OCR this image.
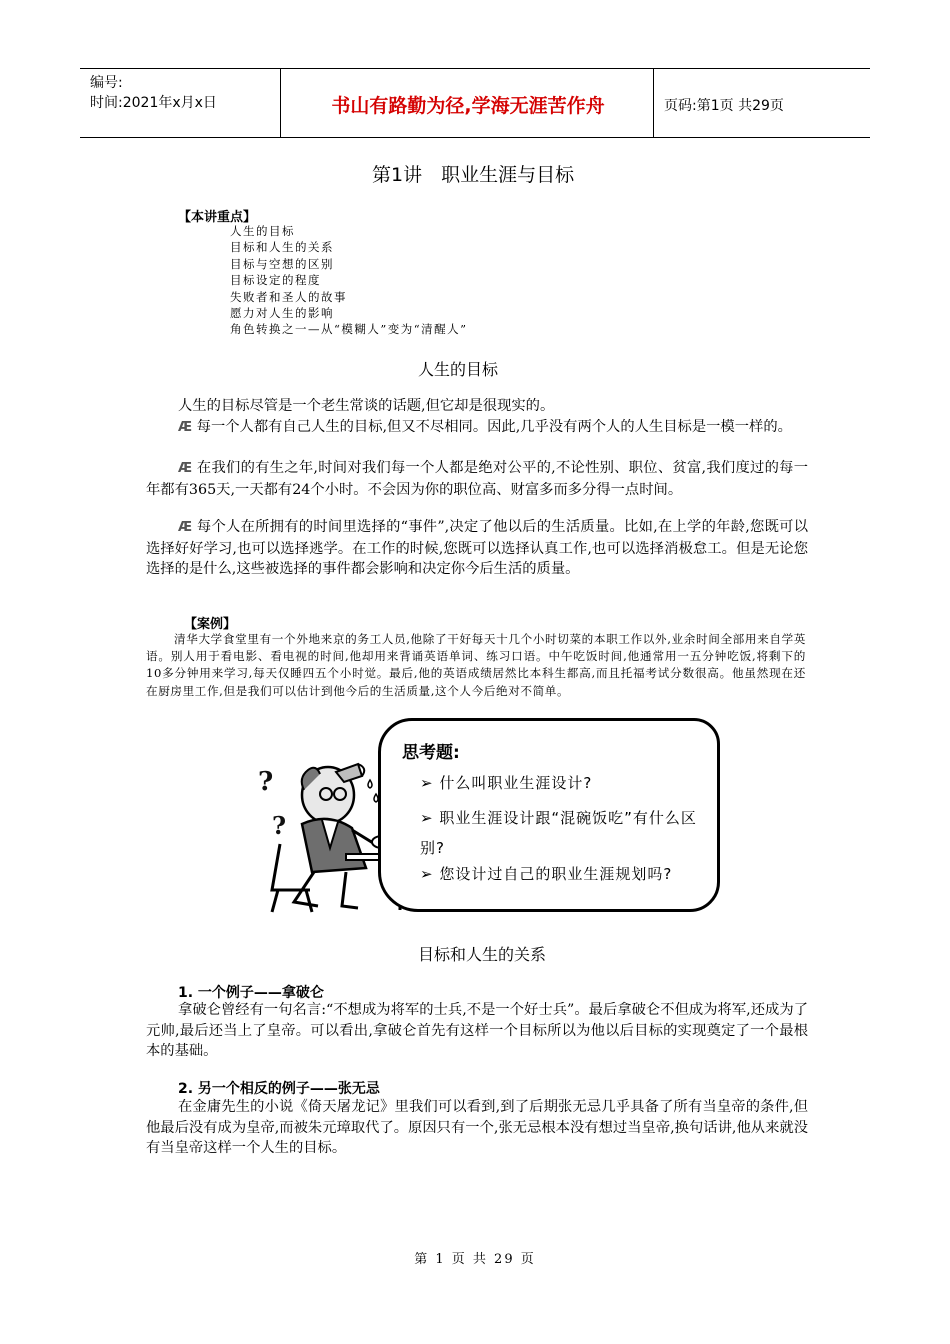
编号:
时间:2021年x月x日	书山有路勤为径,学海无涯苦作舟	页码:第1页 共29页
第1讲　职业生涯与目标
【本讲重点】
人生的目标
目标和人生的关系
目标与空想的区别
目标设定的程度
失败者和圣人的故事
愿力对人生的影响
角色转换之一—从“模糊人”变为“清醒人”
人生的目标

人生的目标尽管是一个老生常谈的话题,但它却是很现实的。

Æ 每一个人都有自己人生的目标,但又不尽相同。因此,几乎没有两个人的人生目标是一模一样的。

Æ 在我们的有生之年,时间对我们每一个人都是绝对公平的,不论性别、职位、贫富,我们度过的每一年都有365天,一天都有24个小时。不会因为你的职位高、财富多而多分得一点时间。

Æ 每个人在所拥有的时间里选择的“事件”,决定了他以后的生活质量。比如,在上学的年龄,您既可以选择好好学习,也可以选择逃学。在工作的时候,您既可以选择认真工作,也可以选择消极怠工。但是无论您选择的是什么,这些被选择的事件都会影响和决定你今后生活的质量。

【案例】

清华大学食堂里有一个外地来京的务工人员,他除了干好每天十几个小时切菜的本职工作以外,业余时间全部用来自学英语。别人用于看电影、看电视的时间,他却用来背诵英语单词、练习口语。中午吃饭时间,他通常用一五分钟吃饭,将剩下的10多分钟用来学习,每天仅睡四五个小时觉。最后,他的英语成绩居然比本科生都高,而且托福考试分数很高。他虽然现在还在厨房里工作,但是我们可以估计到他今后的生活质量,这个人今后绝对不简单。

?
?
思考题:
➢ 什么叫职业生涯设计?
➢ 职业生涯设计跟“混碗饭吃”有什么区别?
➢ 您设计过自己的职业生涯规划吗?
目标和人生的关系
1. 一个例子——拿破仑

拿破仑曾经有一句名言:“不想成为将军的士兵,不是一个好士兵”。最后拿破仑不但成为将军,还成为了元帅,最后还当上了皇帝。可以看出,拿破仑首先有这样一个目标所以为他以后目标的实现奠定了一个最根本的基础。

2. 另一个相反的例子——张无忌

在金庸先生的小说《倚天屠龙记》里我们可以看到,到了后期张无忌几乎具备了所有当皇帝的条件,但他最后没有成为皇帝,而被朱元璋取代了。原因只有一个,张无忌根本没有想过当皇帝,换句话讲,他从来就没有当皇帝这样一个人生的目标。

第 1 页 共 29 页
